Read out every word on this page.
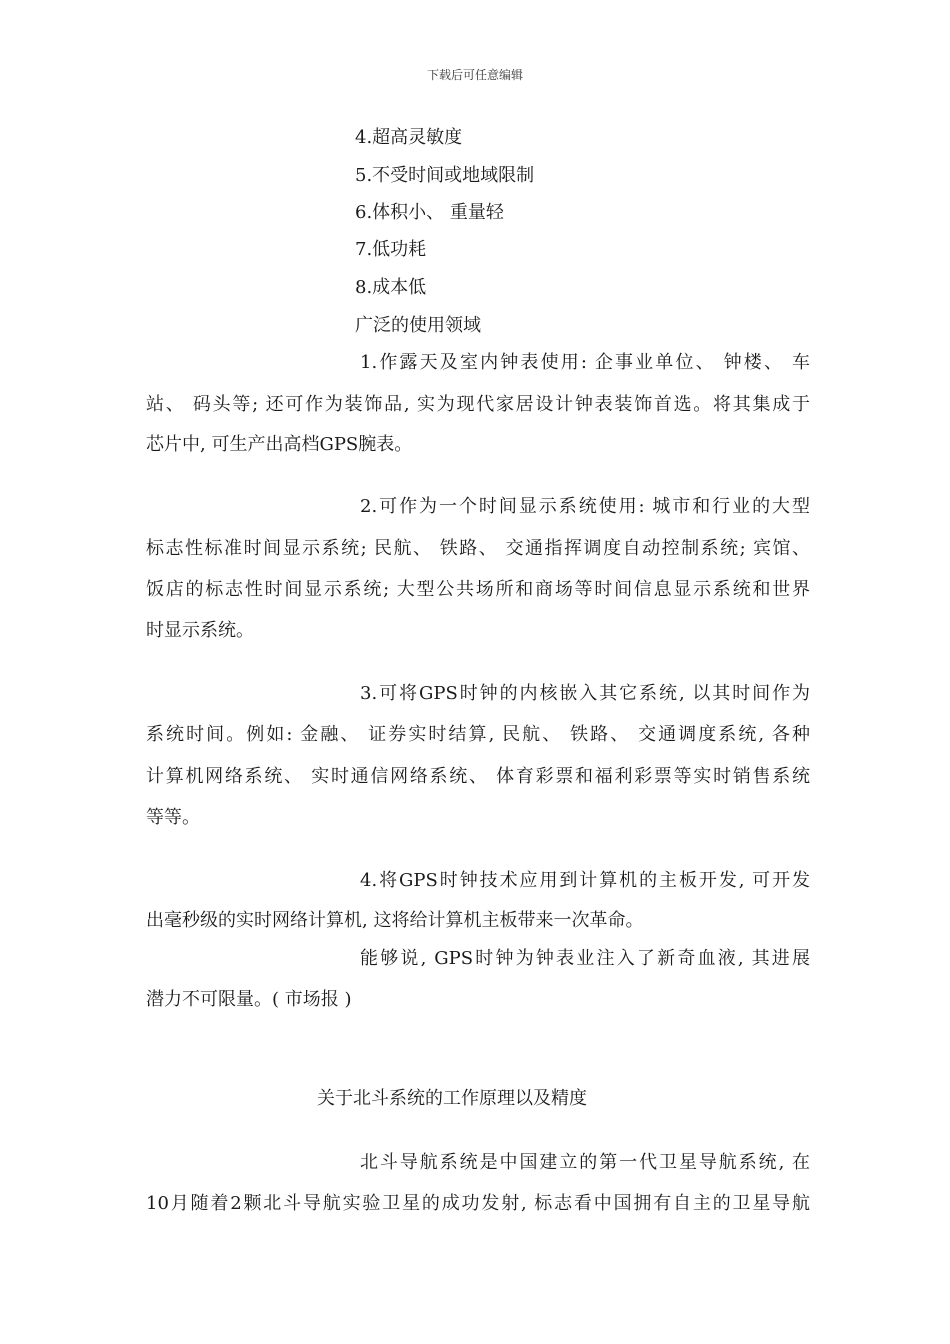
下载后可任意编辑
4.超高灵敏度
5.不受时间或地域限制
6.体积小、 重量轻
7.低功耗
8.成本低
广泛的使用领域
1.作露天及室内钟表使用: 企事业单位、 钟楼、 车
站、 码头等; 还可作为装饰品, 实为现代家居设计钟表装饰首选。将其集成于
芯片中, 可生产出高档GPS腕表。
2.可作为一个时间显示系统使用: 城市和行业的大型
标志性标准时间显示系统; 民航、 铁路、 交通指挥调度自动控制系统; 宾馆、
饭店的标志性时间显示系统; 大型公共场所和商场等时间信息显示系统和世界
时显示系统。
3.可将GPS时钟的内核嵌入其它系统, 以其时间作为
系统时间。例如: 金融、 证券实时结算, 民航、 铁路、 交通调度系统, 各种
计算机网络系统、 实时通信网络系统、 体育彩票和福利彩票等实时销售系统
等等。
4.将GPS时钟技术应用到计算机的主板开发, 可开发
出毫秒级的实时网络计算机, 这将给计算机主板带来一次革命。
能够说, GPS时钟为钟表业注入了新奇血液, 其进展
潜力不可限量。( 市场报 )
关于北斗系统的工作原理以及精度
北斗导航系统是中国建立的第一代卫星导航系统, 在
10月随着2颗北斗导航实验卫星的成功发射, 标志看中国拥有自主的卫星导航
